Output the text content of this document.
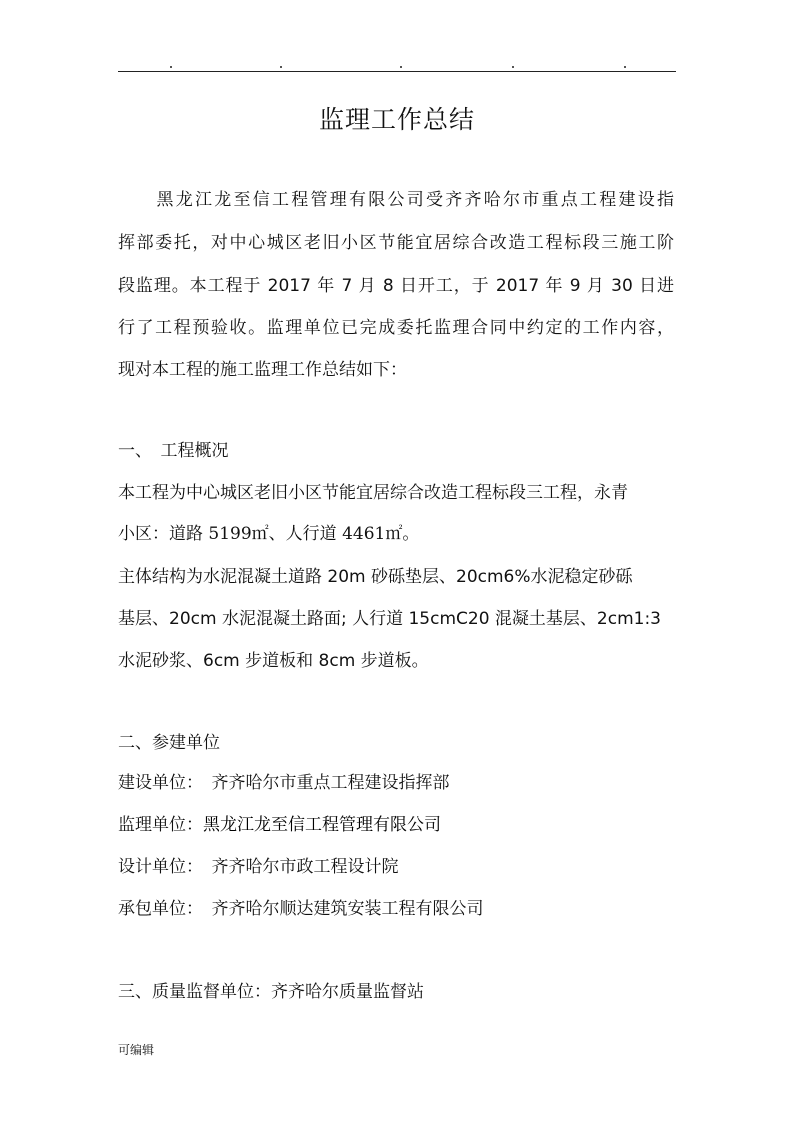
监理工作总结
　　黑龙江龙至信工程管理有限公司受齐齐哈尔市重点工程建设指
挥部委托，对中心城区老旧小区节能宜居综合改造工程标段三施工阶
段监理。本工程于 2017 年 7 月 8 日开工，于 2017 年 9 月 30 日进
行了工程预验收。监理单位已完成委托监理合同中约定的工作内容，
现对本工程的施工监理工作总结如下：
一、　工程概况
本工程为中心城区老旧小区节能宜居综合改造工程标段三工程，永青
小区：道路 5199㎡、人行道 4461㎡。
主体结构为水泥混凝土道路 20m 砂砾垫层、20cm6%水泥稳定砂砾
基层、20cm 水泥混凝土路面; 人行道 15cmC20 混凝土基层、2cm1:3
水泥砂浆、6cm 步道板和 8cm 步道板。
二、参建单位
建设单位：　齐齐哈尔市重点工程建设指挥部
监理单位：黑龙江龙至信工程管理有限公司
设计单位：　齐齐哈尔市政工程设计院
承包单位：　齐齐哈尔顺达建筑安装工程有限公司
三、质量监督单位：齐齐哈尔质量监督站
可编辑
